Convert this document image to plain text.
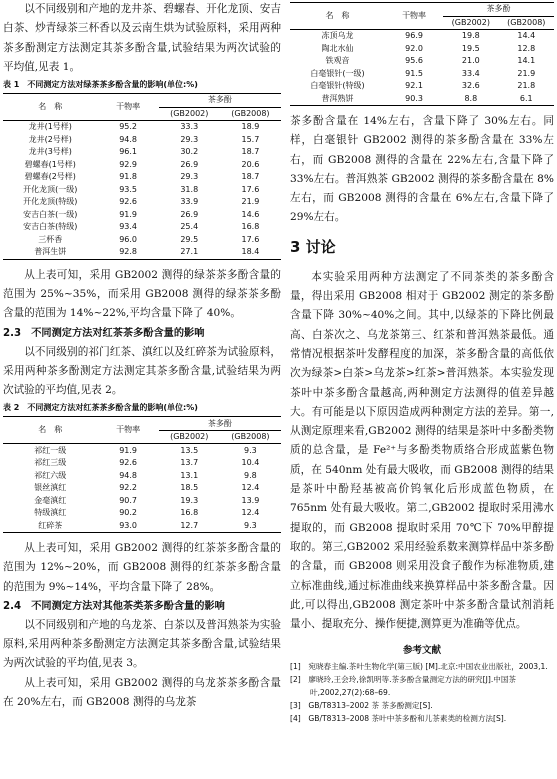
以不同级别和产地的龙井茶、碧螺春、开化龙顶、安吉白茶、炒青绿茶三杯香以及云南生烘为试验原料，采用两种茶多酚测定方法测定其茶多酚含量,试验结果为两次试验的平均值,见表 1。

表 1　不同测定方法对绿茶茶多酚含量的影响(单位:%)
名　称	干物率	茶多酚	
		(GB2002)	(GB2008)
龙井(1号样)	95.2	33.3	18.9
龙井(2号样)	94.8	29.3	15.7
龙井(3号样)	96.1	30.2	18.7
碧螺春(1号样)	92.9	26.9	20.6
碧螺春(2号样)	91.8	29.3	18.7
开化龙顶(一级)	93.5	31.8	17.6
开化龙顶(特级)	92.6	33.9	21.9
安吉白茶(一级)	91.9	26.9	14.6
安吉白茶(特级)	93.4	25.4	16.8
三杯香	96.0	29.5	17.6
普洱生饼	92.8	27.1	18.4

从上表可知，采用 GB2002 测得的绿茶茶多酚含量的范围为 25%~35%，而采用 GB2008 测得的绿茶茶多酚含量的范围为 14%~22%,平均含量下降了 40%。

2.3　不同测定方法对红茶茶多酚含量的影响

以不同级别的祁门红茶、滇红以及红碎茶为试验原料，采用两种茶多酚测定方法测定其茶多酚含量,试验结果为两次试验的平均值,见表 2。

表 2　不同测定方法对红茶茶多酚含量的影响(单位:%)
名　称	干物率	茶多酚	
		(GB2002)	(GB2008)
祁红一级	91.9	13.5	9.3
祁红三级	92.6	13.7	10.4
祁红六级	94.8	13.1	9.8
银丝滇红	92.2	18.5	12.4
金毫滇红	90.7	19.3	13.9
特级滇红	90.2	16.8	12.4
红碎茶	93.0	12.7	9.3

从上表可知，采用 GB2002 测得的红茶茶多酚含量的范围为 12%~20%，而 GB2008 测得的红茶茶多酚含量的范围为 9%~14%，平均含量下降了 28%。

2.4　不同测定方法对其他茶类茶多酚含量的影响

以不同级别和产地的乌龙茶、白茶以及普洱熟茶为实验原料,采用两种茶多酚测定方法测定其茶多酚含量,试验结果为两次试验的平均值,见表 3。

从上表可知，采用 GB2002 测得的乌龙茶茶多酚含量在 20%左右，而 GB2008 测得的乌龙茶

名　称	干物率	茶多酚	
		(GB2002)	(GB2008)
冻顶乌龙	96.9	19.8	14.4
陶北水仙	92.0	19.5	12.8
铁观音	95.6	21.0	14.1
白毫银针(一级)	91.5	33.4	21.9
白毫银针(特级)	92.1	32.6	21.8
普洱熟饼	90.3	8.8	6.1

茶多酚含量在 14%左右，含量下降了 30%左右。同样，白毫银针 GB2002 测得的茶多酚含量在 33%左右，而 GB2008 测得的含量在 22%左右,含量下降了 33%左右。普洱熟茶 GB2002 测得的茶多酚含量在 8%左右，而 GB2008 测得的含量在 6%左右,含量下降了 29%左右。

3 讨论

本实验采用两种方法测定了不同茶类的茶多酚含量，得出采用 GB2008 相对于 GB2002 测定的茶多酚含量下降 30%~40%之间。其中,以绿茶的下降比例最高、白茶次之、乌龙茶第三、红茶和普洱熟茶最低。通常情况根据茶叶发酵程度的加深，茶多酚含量的高低依次为绿茶>白茶>乌龙茶>红茶>普洱熟茶。本实验发现茶叶中茶多酚含量越高,两种测定方法测得的值差异越大。有可能是以下原因造成两种测定方法的差异。第一,从测定原理来看,GB2002 测得的结果是茶叶中多酚类物质的总含量，是 Fe²⁺与多酚类物质络合形成蓝紫色物质，在 540nm 处有最大吸收，而 GB2008 测得的结果是茶叶中酚羟基被高价钨氧化后形成蓝色物质，在 765nm 处有最大吸收。第二,GB2002 提取时采用沸水提取的，而 GB2008 提取时采用 70℃下 70%甲醇提取的。第三,GB2002 采用经验系数来测算样品中茶多酚的含量，而 GB2008 则采用没食子酸作为标准物质,建立标准曲线,通过标准曲线来换算样品中茶多酚含量。因此,可以得出,GB2008 测定茶叶中茶多酚含量试剂消耗量小、提取充分、操作便捷,测算更为准确等优点。

参考文献
[1]　宛晓春主编.茶叶生物化学(第三版) [M].北京:中国农业出版社，2003,1.
[2]　廖晓玲,王会玲,徐凯明等.茶多酚含量测定方法的研究[J].中国茶叶,2002,27(2):68–69.
[3]　GB/T8313–2002 茶 茶多酚测定[S].
[4]　GB/T8313–2008 茶叶中茶多酚和儿茶素类的检测方法[S].
